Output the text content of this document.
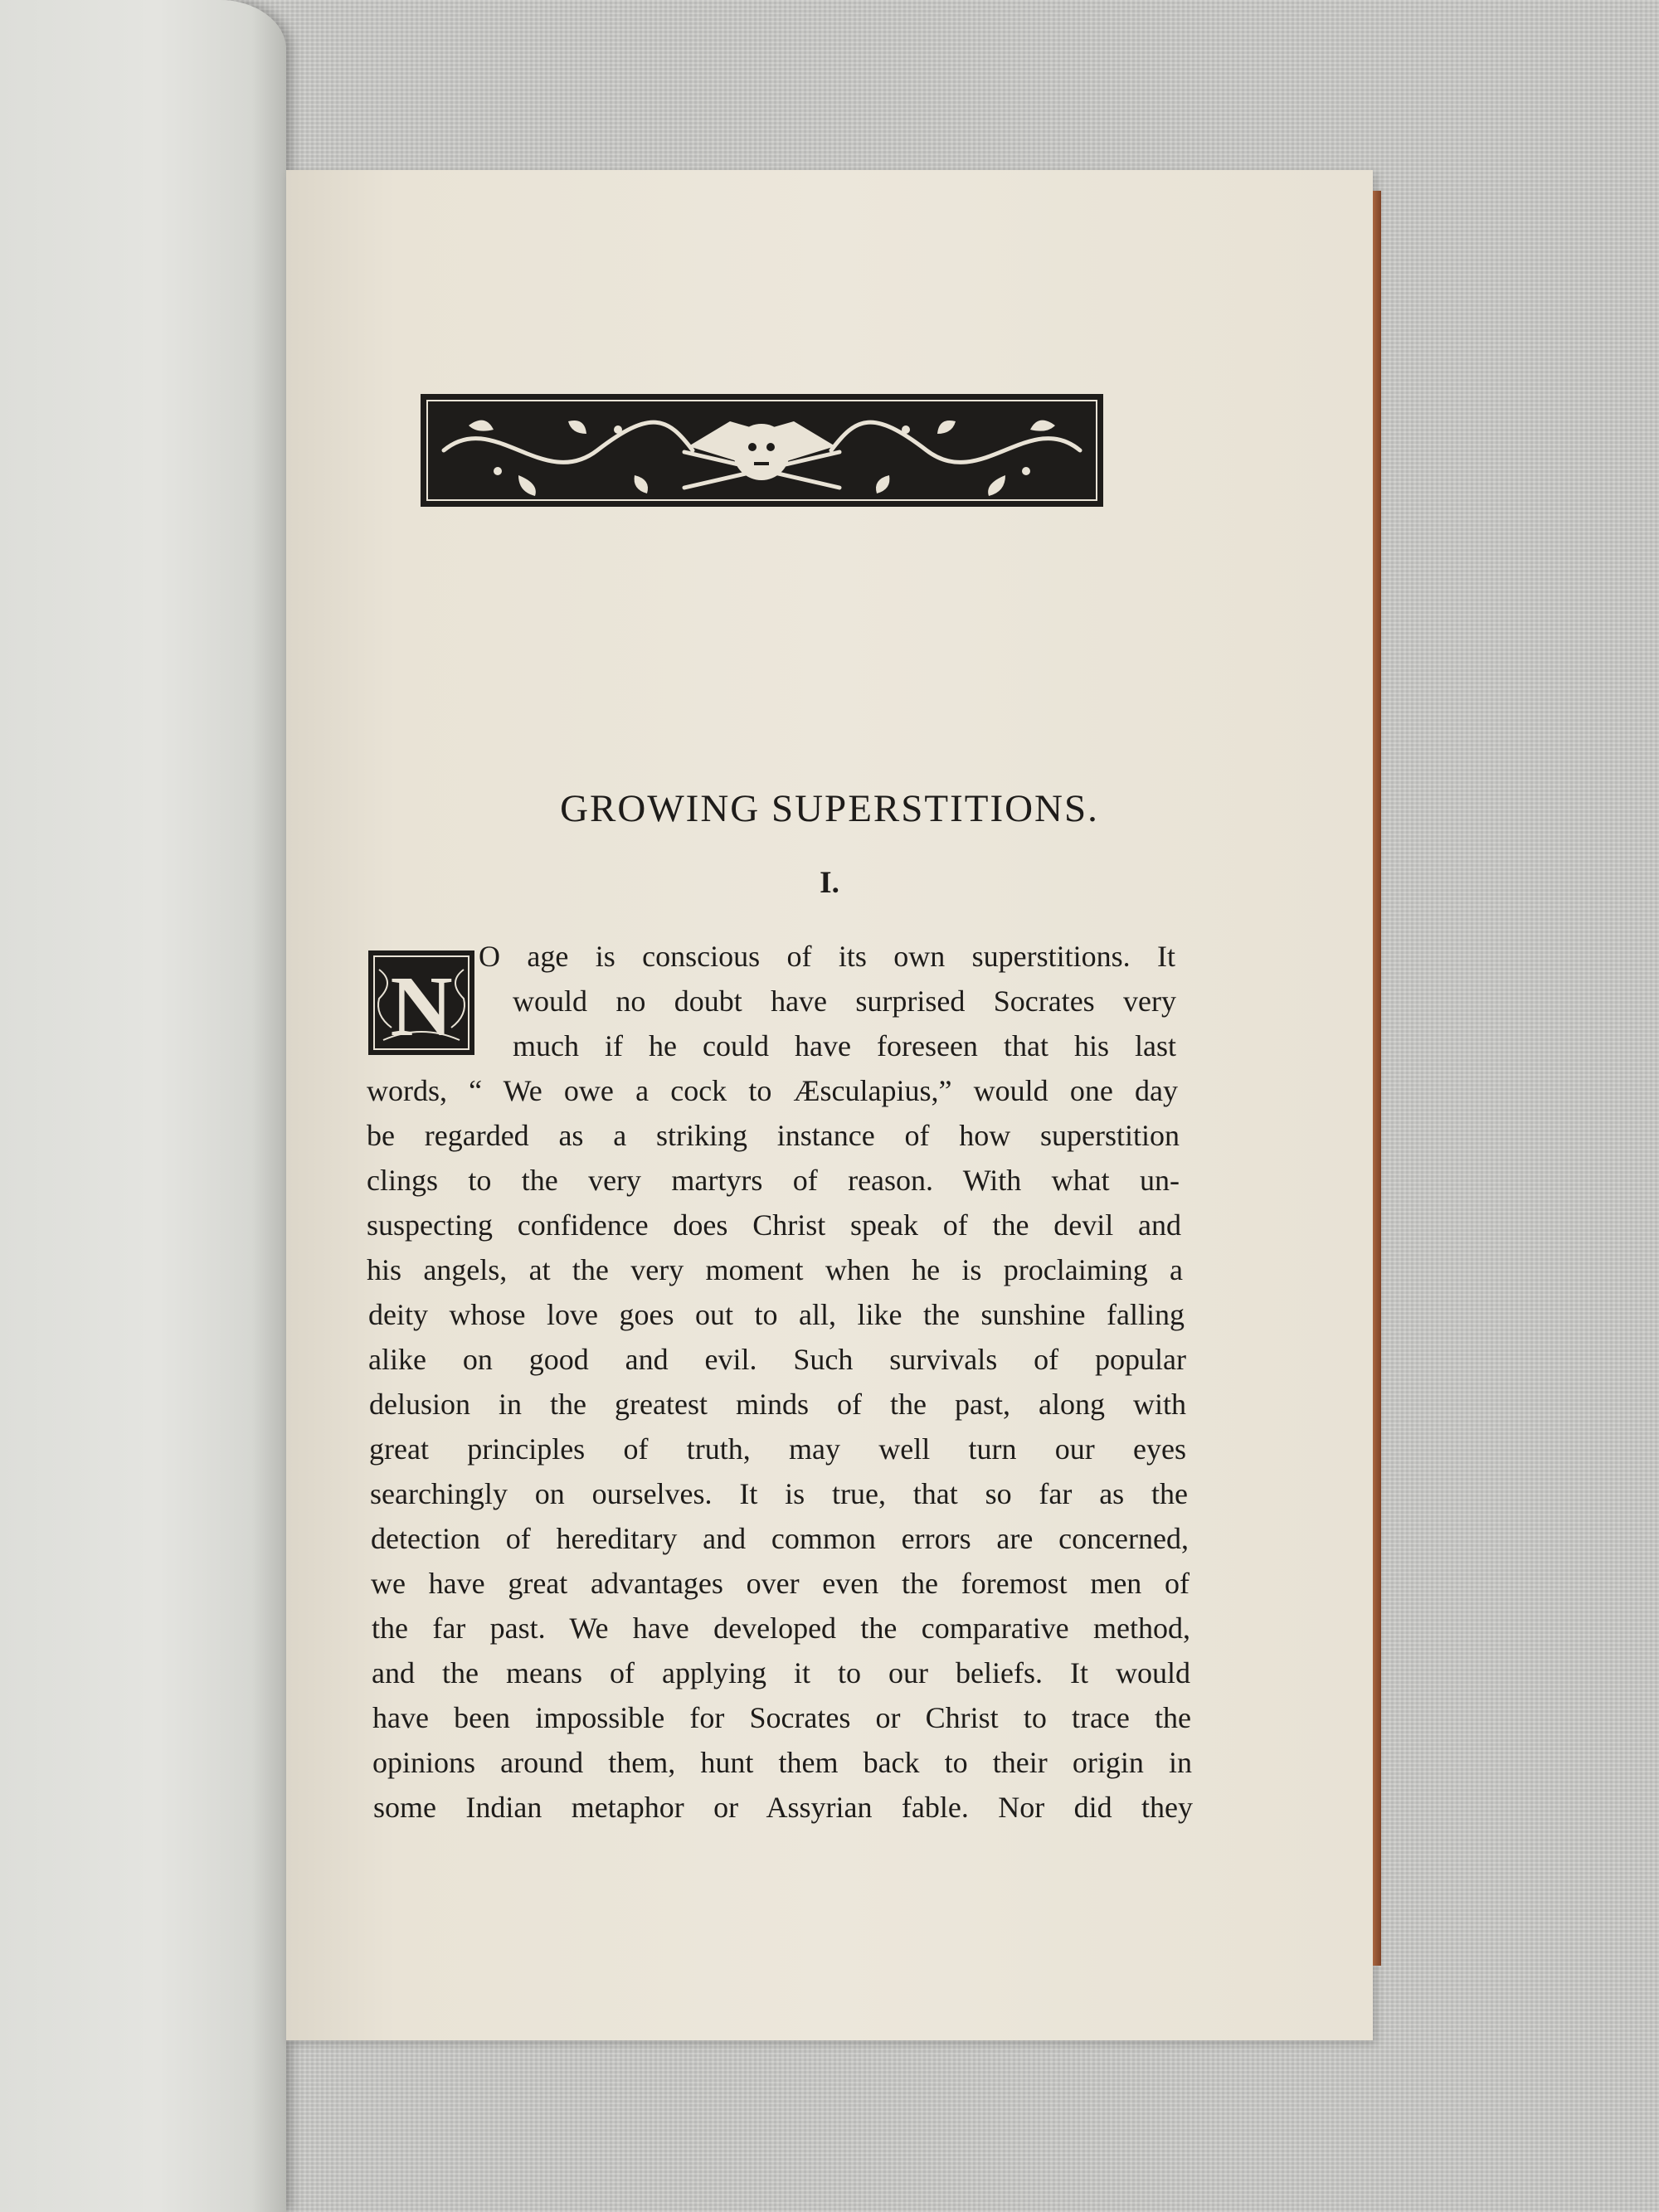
GROWING SUPERSTITIONS.
I.
N
O age is conscious of its own superstitions. It
would no doubt have surprised Socrates very
much if he could have foreseen that his last
words, “ We owe a cock to Æsculapius,” would one day
be regarded as a striking instance of how superstition
clings to the very martyrs of reason. With what un-
suspecting confidence does Christ speak of the devil and
his angels, at the very moment when he is proclaiming a
deity whose love goes out to all, like the sunshine falling
alike on good and evil. Such survivals of popular
delusion in the greatest minds of the past, along with
great principles of truth, may well turn our eyes
searchingly on ourselves. It is true, that so far as the
detection of hereditary and common errors are concerned,
we have great advantages over even the foremost men of
the far past. We have developed the comparative method,
and the means of applying it to our beliefs. It would
have been impossible for Socrates or Christ to trace the
opinions around them, hunt them back to their origin in
some Indian metaphor or Assyrian fable. Nor did they
